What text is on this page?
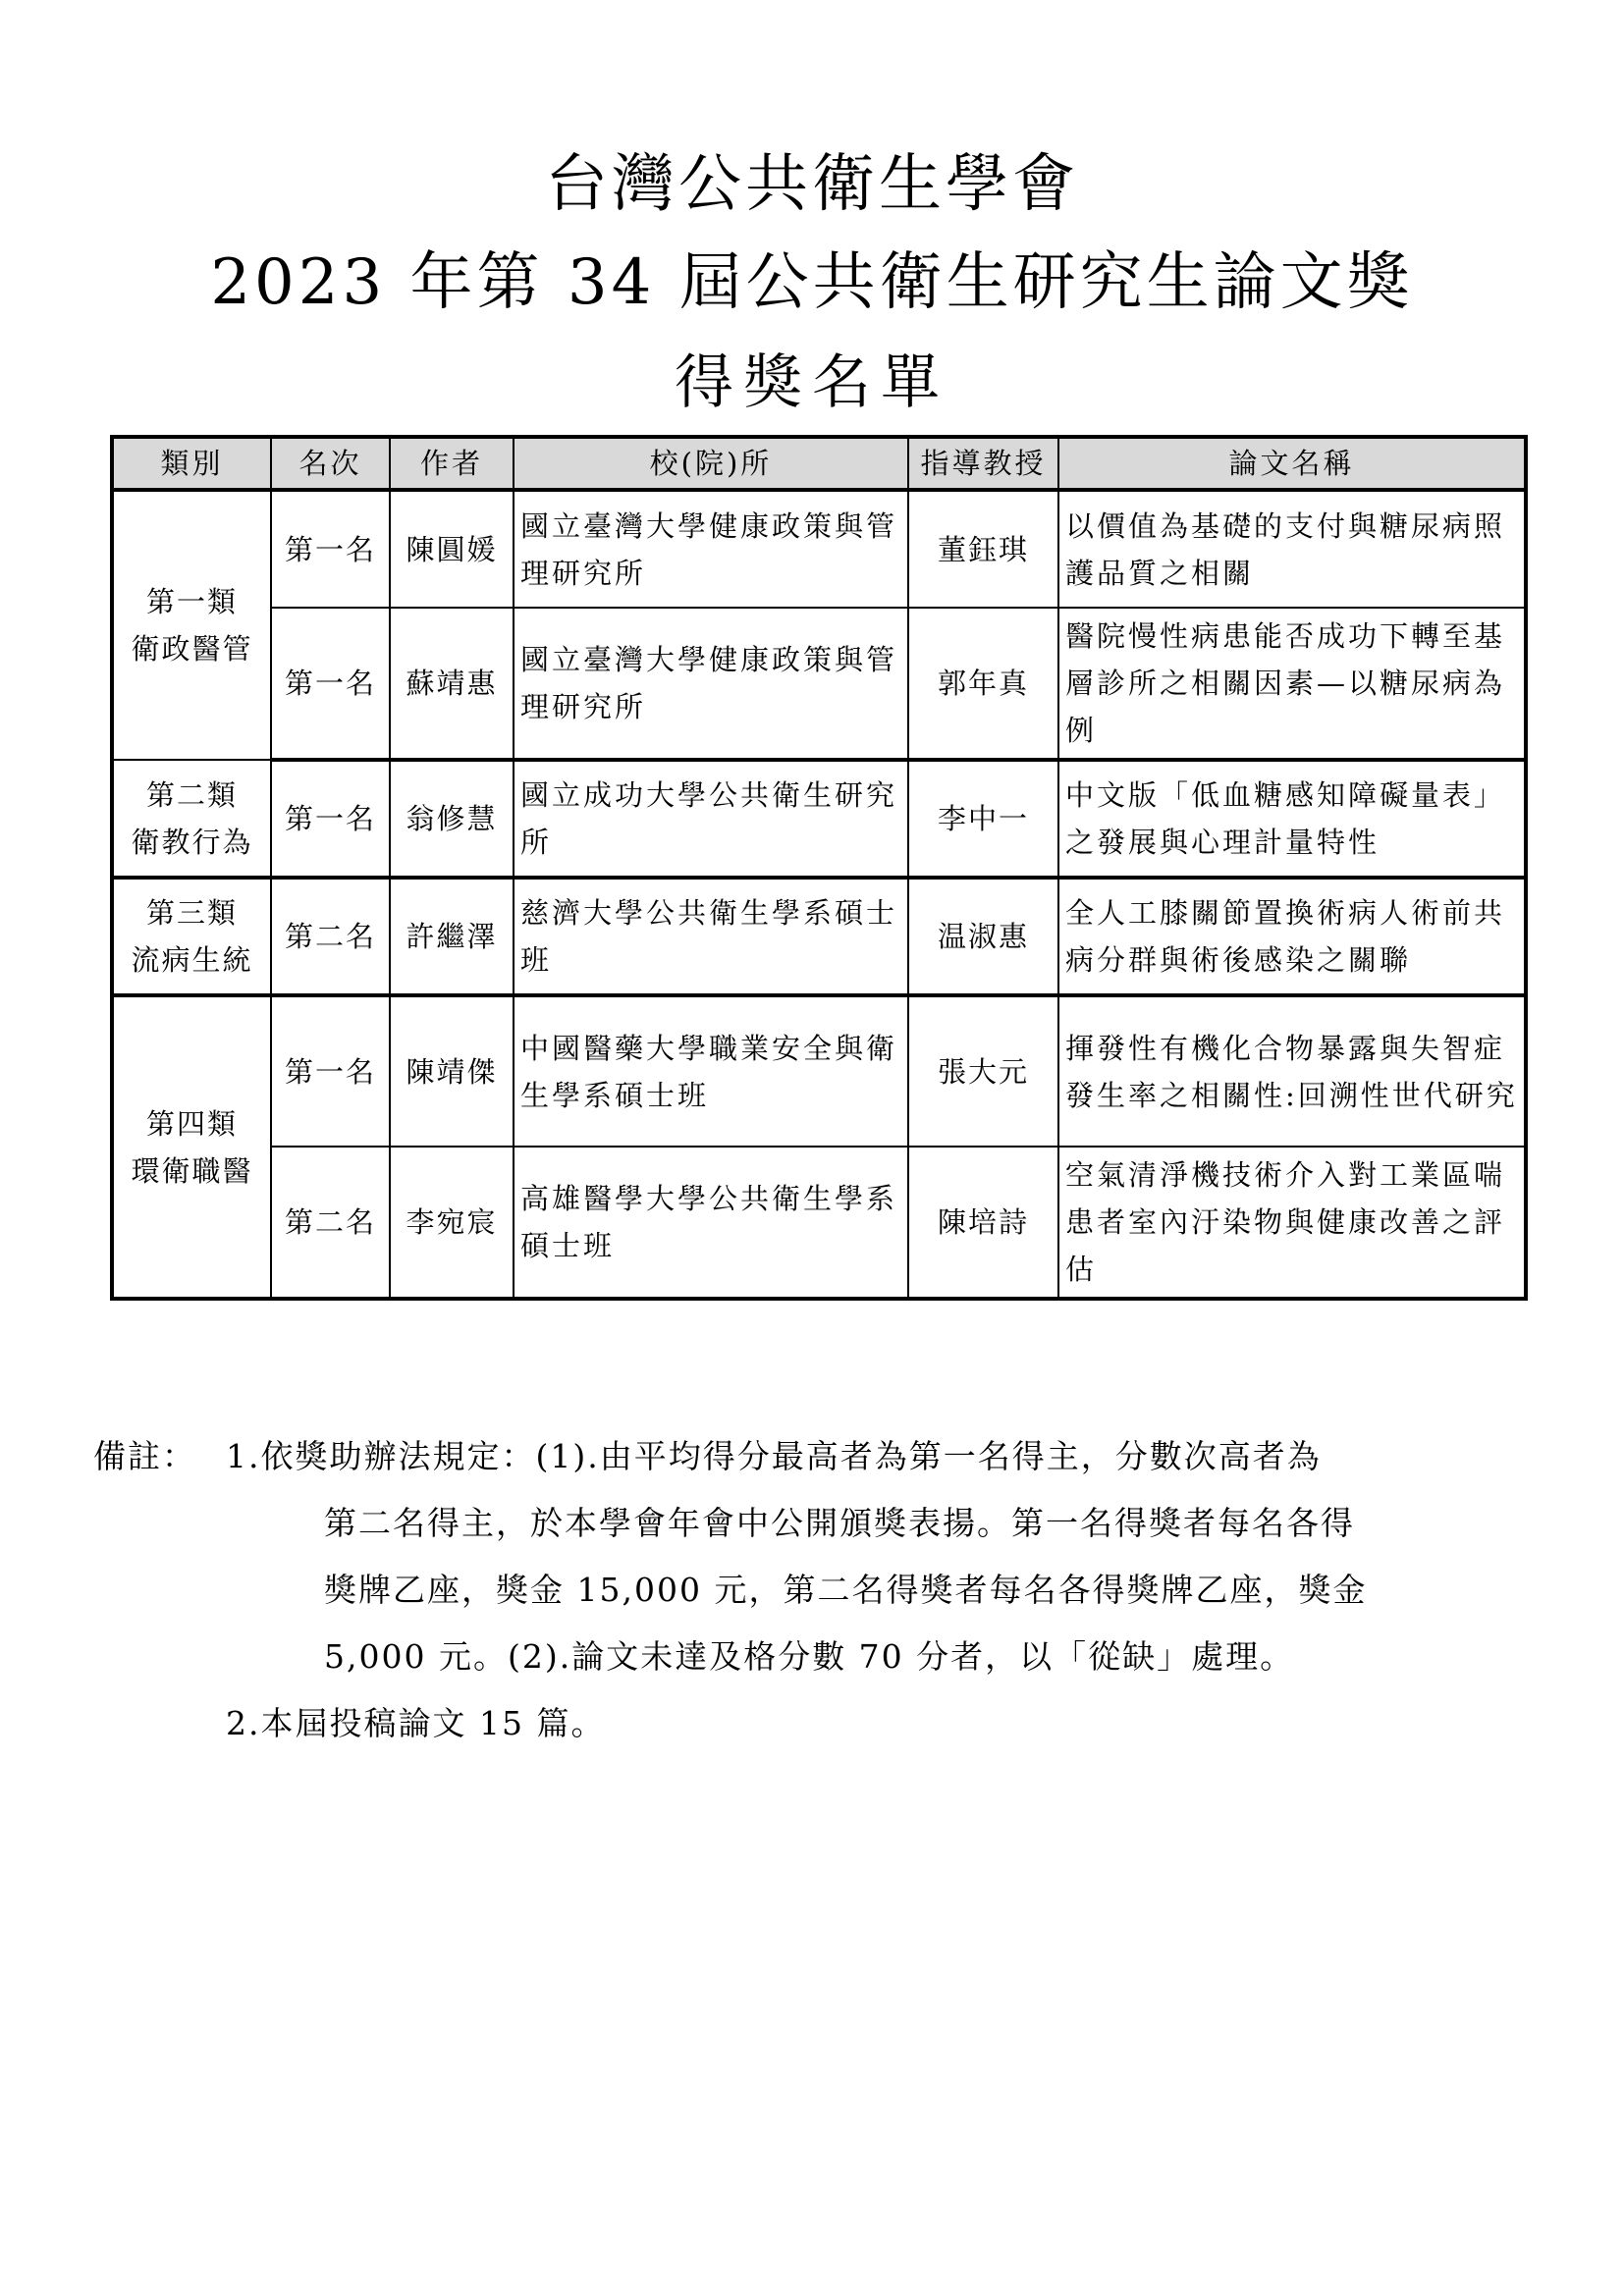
台灣公共衛生學會
2023 年第 34 屆公共衛生研究生論文獎
得獎名單
類別	名次	作者	校(院)所	指導教授	論文名稱

第一類
衛政醫管	第一名	陳圓媛	國立臺灣大學健康政策與管理研究所	董鈺琪	以價值為基礎的支付與糖尿病照護品質之相關
	第一名	蘇靖惠	國立臺灣大學健康政策與管理研究所	郭年真	醫院慢性病患能否成功下轉至基層診所之相關因素—以糖尿病為例

第二類
衛教行為	第一名	翁修慧	國立成功大學公共衛生研究所	李中一	中文版「低血糖感知障礙量表」之發展與心理計量特性

第三類
流病生統	第二名	許繼澤	慈濟大學公共衛生學系碩士班	温淑惠	全人工膝關節置換術病人術前共病分群與術後感染之關聯

第四類
環衛職醫	第一名	陳靖傑	中國醫藥大學職業安全與衛生學系碩士班	張大元	揮發性有機化合物暴露與失智症發生率之相關性:回溯性世代研究
	第二名	李宛宸	高雄醫學大學公共衛生學系碩士班	陳培詩	空氣清淨機技術介入對工業區喘患者室內汙染物與健康改善之評估
備註： 1.依獎助辦法規定：(1).由平均得分最高者為第一名得主，分數次高者為
第二名得主，於本學會年會中公開頒獎表揚。第一名得獎者每名各得
獎牌乙座，獎金 15,000 元，第二名得獎者每名各得獎牌乙座，獎金
5,000 元。(2).論文未達及格分數 70 分者，以「從缺」處理。
2.本屆投稿論文 15 篇。
